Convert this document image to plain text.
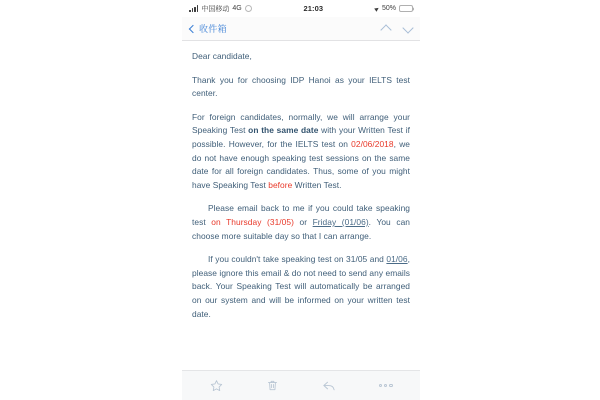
中国移动 4G	21:03	50%
收件箱

Dear candidate,

Thank you for choosing IDP Hanoi as your IELTS test center.

For foreign candidates, normally, we will arrange your Speaking Test on the same date with your Written Test if possible. However, for the IELTS test on 02/06/2018, we do not have enough speaking test sessions on the same date for all foreign candidates. Thus, some of you might have Speaking Test before Written Test.

Please email back to me if you could take speaking test on Thursday (31/05) or Friday (01/06). You can choose more suitable day so that I can arrange.

If you couldn't take speaking test on 31/05 and 01/06, please ignore this email & do not need to send any emails back. Your Speaking Test will automatically be arranged on our system and will be informed on your written test date.
